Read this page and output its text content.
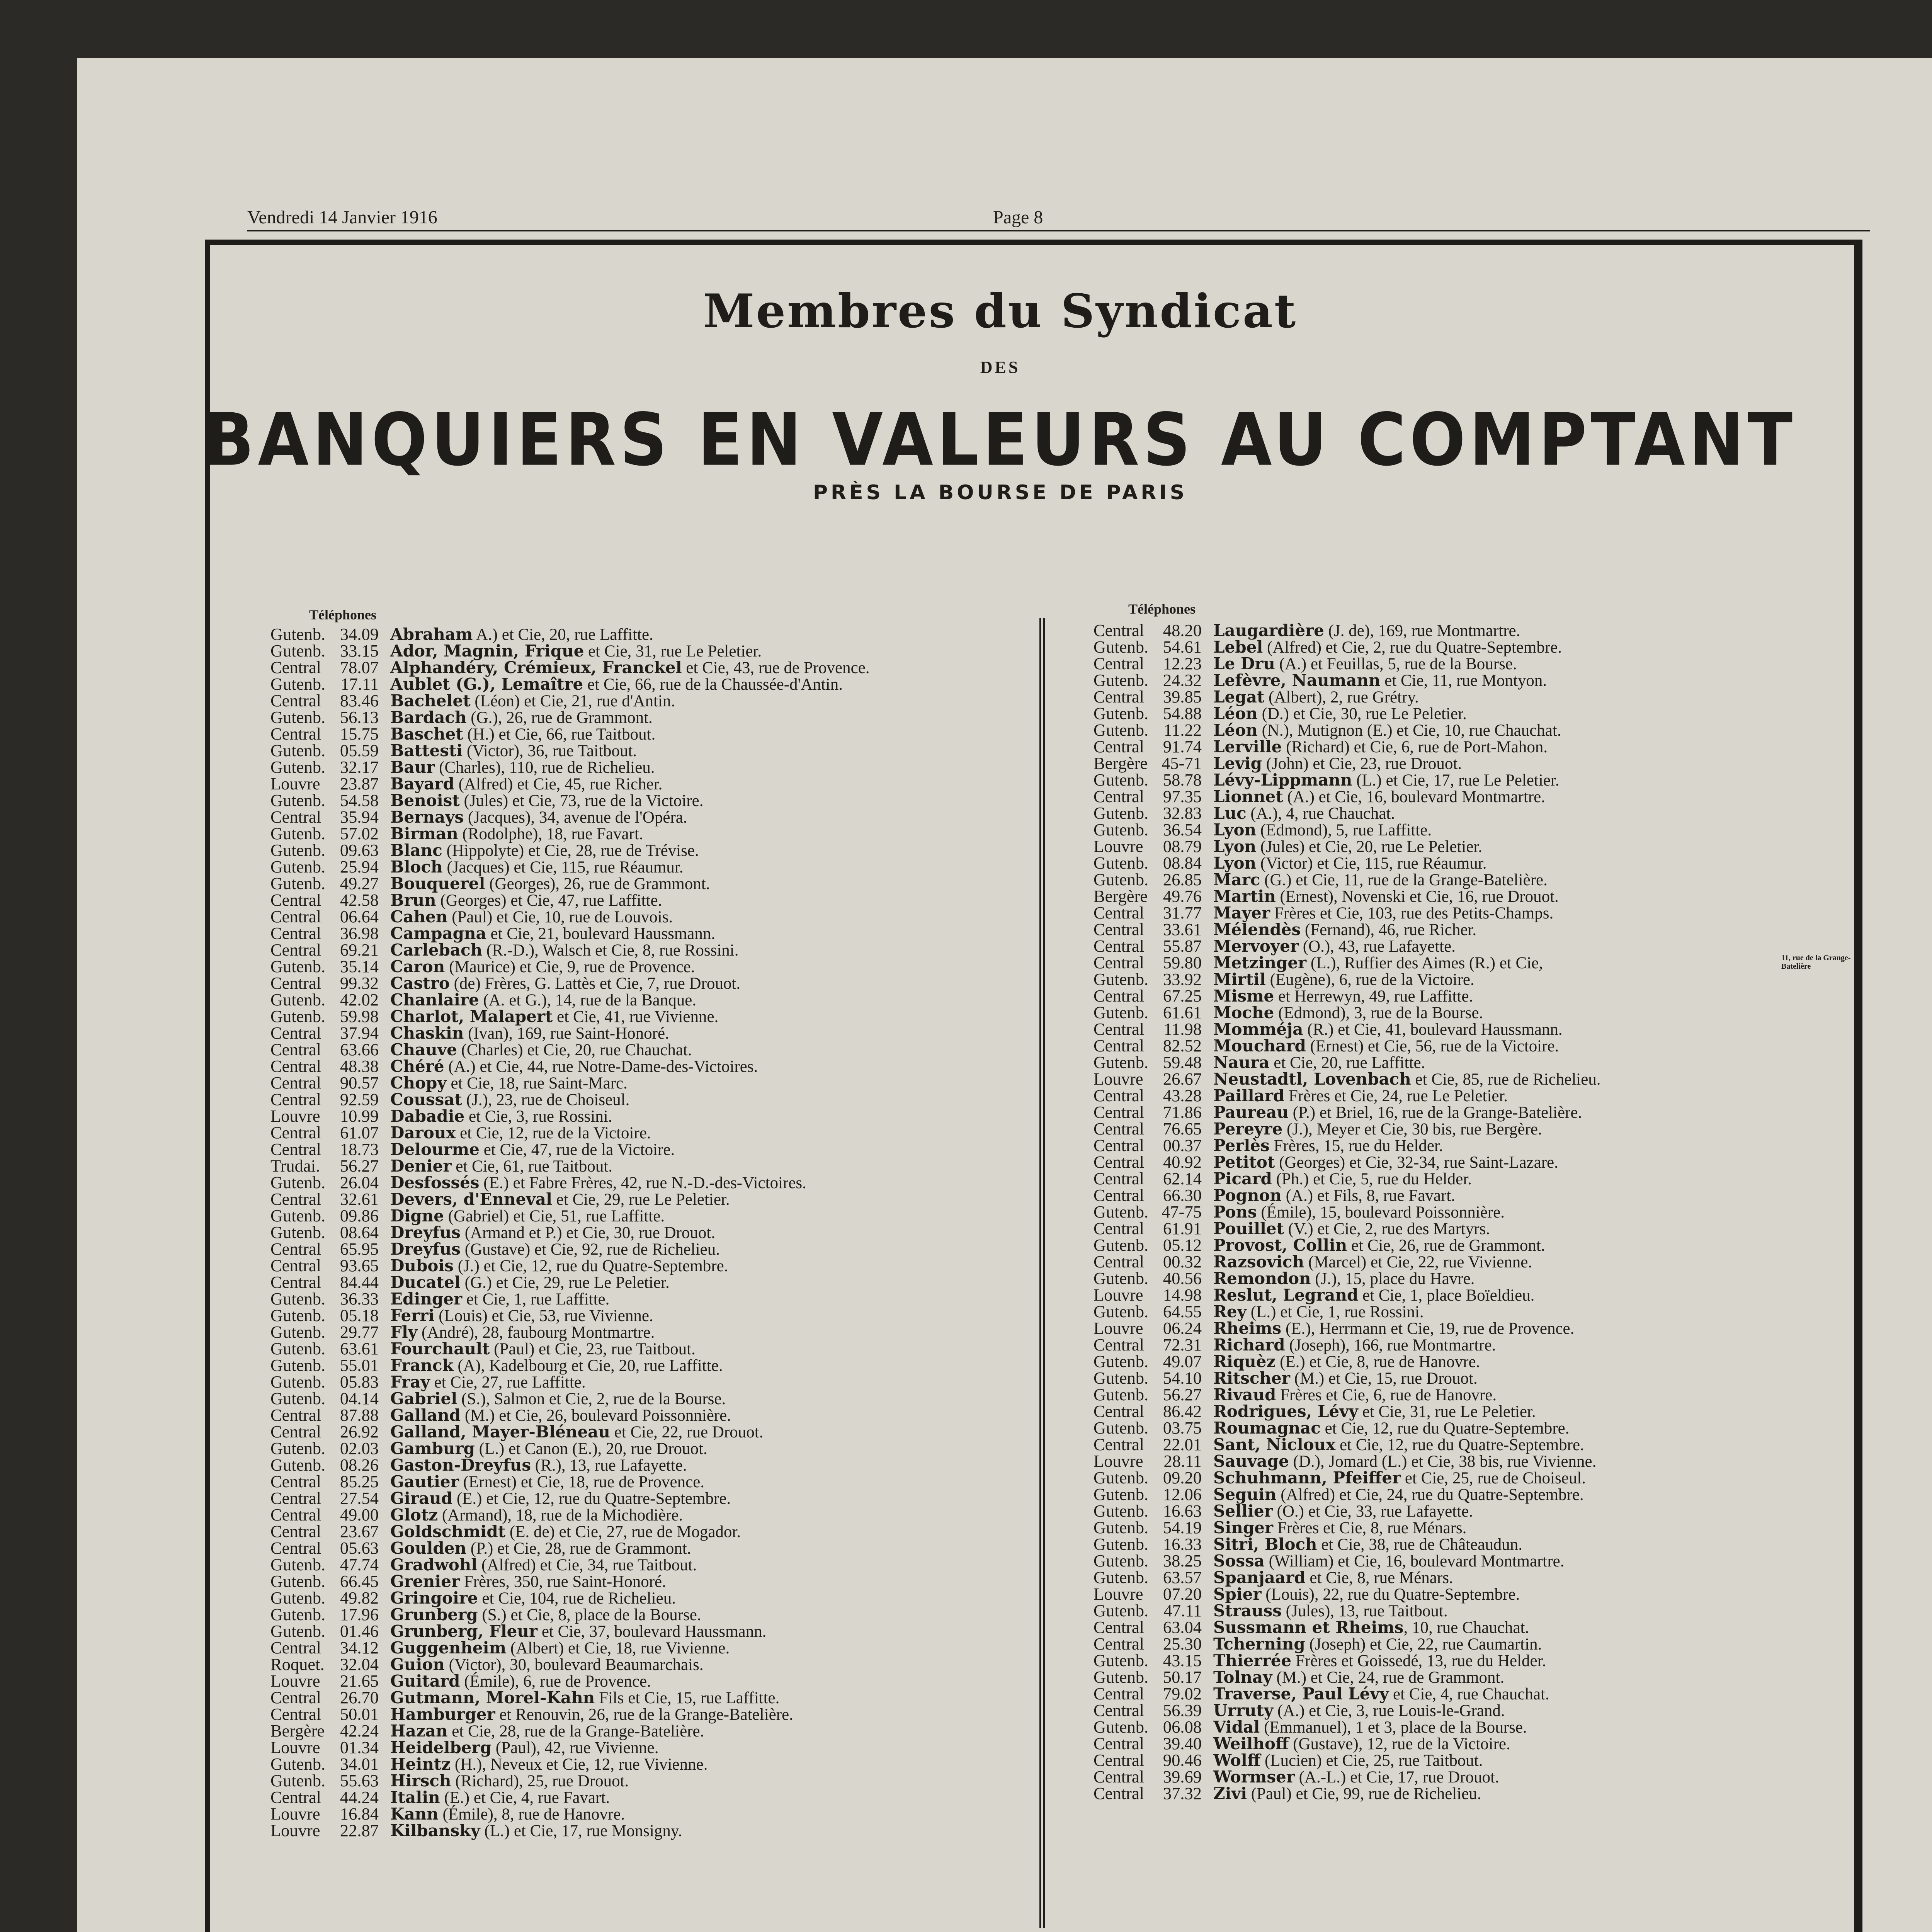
Vendredi 14 Janvier 1916	Page 8
Membres du Syndicat
DES
BANQUIERS EN VALEURS AU COMPTANT
PRÈS LA BOURSE DE PARIS
Téléphones	Téléphones
Gutenb. 34.09 Abraham A.) et Cie, 20, rue Laffitte.
Gutenb. 33.15 Ador, Magnin, Frique et Cie, 31, rue Le Peletier.
Central 78.07 Alphandéry, Crémieux, Franckel et Cie, 43, rue de Provence.
Gutenb. 17.11 Aublet (G.), Lemaître et Cie, 66, rue de la Chaussée-d'Antin.
Central 83.46 Bachelet (Léon) et Cie, 21, rue d'Antin.
Gutenb. 56.13 Bardach (G.), 26, rue de Grammont.
Central 15.75 Baschet (H.) et Cie, 66, rue Taitbout.
Gutenb. 05.59 Battesti (Victor), 36, rue Taitbout.
Gutenb. 32.17 Baur (Charles), 110, rue de Richelieu.
Louvre 23.87 Bayard (Alfred) et Cie, 45, rue Richer.
Gutenb. 54.58 Benoist (Jules) et Cie, 73, rue de la Victoire.
Central 35.94 Bernays (Jacques), 34, avenue de l'Opéra.
Gutenb. 57.02 Birman (Rodolphe), 18, rue Favart.
Gutenb. 09.63 Blanc (Hippolyte) et Cie, 28, rue de Trévise.
Gutenb. 25.94 Bloch (Jacques) et Cie, 115, rue Réaumur.
Gutenb. 49.27 Bouquerel (Georges), 26, rue de Grammont.
Central 42.58 Brun (Georges) et Cie, 47, rue Laffitte.
Central 06.64 Cahen (Paul) et Cie, 10, rue de Louvois.
Central 36.98 Campagna et Cie, 21, boulevard Haussmann.
Central 69.21 Carlebach (R.-D.), Walsch et Cie, 8, rue Rossini.
Gutenb. 35.14 Caron (Maurice) et Cie, 9, rue de Provence.
Central 99.32 Castro (de) Frères, G. Lattès et Cie, 7, rue Drouot.
Gutenb. 42.02 Chanlaire (A. et G.), 14, rue de la Banque.
Gutenb. 59.98 Charlot, Malapert et Cie, 41, rue Vivienne.
Central 37.94 Chaskin (Ivan), 169, rue Saint-Honoré.
Central 63.66 Chauve (Charles) et Cie, 20, rue Chauchat.
Central 48.38 Chéré (A.) et Cie, 44, rue Notre-Dame-des-Victoires.
Central 90.57 Chopy et Cie, 18, rue Saint-Marc.
Central 92.59 Coussat (J.), 23, rue de Choiseul.
Louvre 10.99 Dabadie et Cie, 3, rue Rossini.
Central 61.07 Daroux et Cie, 12, rue de la Victoire.
Central 18.73 Delourme et Cie, 47, rue de la Victoire.
Trudai. 56.27 Denier et Cie, 61, rue Taitbout.
Gutenb. 26.04 Desfossés (E.) et Fabre Frères, 42, rue N.-D.-des-Victoires.
Central 32.61 Devers, d'Enneval et Cie, 29, rue Le Peletier.
Gutenb. 09.86 Digne (Gabriel) et Cie, 51, rue Laffitte.
Gutenb. 08.64 Dreyfus (Armand et P.) et Cie, 30, rue Drouot.
Central 65.95 Dreyfus (Gustave) et Cie, 92, rue de Richelieu.
Central 93.65 Dubois (J.) et Cie, 12, rue du Quatre-Septembre.
Central 84.44 Ducatel (G.) et Cie, 29, rue Le Peletier.
Gutenb. 36.33 Edinger et Cie, 1, rue Laffitte.
Gutenb. 05.18 Ferri (Louis) et Cie, 53, rue Vivienne.
Gutenb. 29.77 Fly (André), 28, faubourg Montmartre.
Gutenb. 63.61 Fourchault (Paul) et Cie, 23, rue Taitbout.
Gutenb. 55.01 Franck (A), Kadelbourg et Cie, 20, rue Laffitte.
Gutenb. 05.83 Fray et Cie, 27, rue Laffitte.
Gutenb. 04.14 Gabriel (S.), Salmon et Cie, 2, rue de la Bourse.
Central 87.88 Galland (M.) et Cie, 26, boulevard Poissonnière.
Central 26.92 Galland, Mayer-Bléneau et Cie, 22, rue Drouot.
Gutenb. 02.03 Gamburg (L.) et Canon (E.), 20, rue Drouot.
Gutenb. 08.26 Gaston-Dreyfus (R.), 13, rue Lafayette.
Central 85.25 Gautier (Ernest) et Cie, 18, rue de Provence.
Central 27.54 Giraud (E.) et Cie, 12, rue du Quatre-Septembre.
Central 49.00 Glotz (Armand), 18, rue de la Michodière.
Central 23.67 Goldschmidt (E. de) et Cie, 27, rue de Mogador.
Central 05.63 Goulden (P.) et Cie, 28, rue de Grammont.
Gutenb. 47.74 Gradwohl (Alfred) et Cie, 34, rue Taitbout.
Gutenb. 66.45 Grenier Frères, 350, rue Saint-Honoré.
Gutenb. 49.82 Gringoire et Cie, 104, rue de Richelieu.
Gutenb. 17.96 Grunberg (S.) et Cie, 8, place de la Bourse.
Gutenb. 01.46 Grunberg, Fleur et Cie, 37, boulevard Haussmann.
Central 34.12 Guggenheim (Albert) et Cie, 18, rue Vivienne.
Roquet. 32.04 Guion (Victor), 30, boulevard Beaumarchais.
Louvre 21.65 Guitard (Émile), 6, rue de Provence.
Central 26.70 Gutmann, Morel-Kahn Fils et Cie, 15, rue Laffitte.
Central 50.01 Hamburger et Renouvin, 26, rue de la Grange-Batelière.
Bergère 42.24 Hazan et Cie, 28, rue de la Grange-Batelière.
Louvre 01.34 Heidelberg (Paul), 42, rue Vivienne.
Gutenb. 34.01 Heintz (H.), Neveux et Cie, 12, rue Vivienne.
Gutenb. 55.63 Hirsch (Richard), 25, rue Drouot.
Central 44.24 Italin (E.) et Cie, 4, rue Favart.
Louvre 16.84 Kann (Émile), 8, rue de Hanovre.
Louvre 22.87 Kilbansky (L.) et Cie, 17, rue Monsigny.
Central 48.20 Laugardière (J. de), 169, rue Montmartre.
Gutenb. 54.61 Lebel (Alfred) et Cie, 2, rue du Quatre-Septembre.
Central 12.23 Le Dru (A.) et Feuillas, 5, rue de la Bourse.
Gutenb. 24.32 Lefèvre, Naumann et Cie, 11, rue Montyon.
Central 39.85 Legat (Albert), 2, rue Grétry.
Gutenb. 54.88 Léon (D.) et Cie, 30, rue Le Peletier.
Gutenb. 11.22 Léon (N.), Mutignon (E.) et Cie, 10, rue Chauchat.
Central 91.74 Lerville (Richard) et Cie, 6, rue de Port-Mahon.
Bergère 45-71 Levig (John) et Cie, 23, rue Drouot.
Gutenb. 58.78 Lévy-Lippmann (L.) et Cie, 17, rue Le Peletier.
Central 97.35 Lionnet (A.) et Cie, 16, boulevard Montmartre.
Gutenb. 32.83 Luc (A.), 4, rue Chauchat.
Gutenb. 36.54 Lyon (Edmond), 5, rue Laffitte.
Louvre 08.79 Lyon (Jules) et Cie, 20, rue Le Peletier.
Gutenb. 08.84 Lyon (Victor) et Cie, 115, rue Réaumur.
Gutenb. 26.85 Marc (G.) et Cie, 11, rue de la Grange-Batelière.
Bergère 49.76 Martin (Ernest), Novenski et Cie, 16, rue Drouot.
Central 31.77 Mayer Frères et Cie, 103, rue des Petits-Champs.
Central 33.61 Mélendès (Fernand), 46, rue Richer.
Central 55.87 Mervoyer (O.), 43, rue Lafayette.
Central 59.80 Metzinger (L.), Ruffier des Aimes (R.) et Cie,	11, rue de la Grange-Batelière
Gutenb. 33.92 Mirtil (Eugène), 6, rue de la Victoire.
Central 67.25 Misme et Herrewyn, 49, rue Laffitte.
Gutenb. 61.61 Moche (Edmond), 3, rue de la Bourse.
Central 11.98 Momméja (R.) et Cie, 41, boulevard Haussmann.
Central 82.52 Mouchard (Ernest) et Cie, 56, rue de la Victoire.
Gutenb. 59.48 Naura et Cie, 20, rue Laffitte.
Louvre 26.67 Neustadtl, Lovenbach et Cie, 85, rue de Richelieu.
Central 43.28 Paillard Frères et Cie, 24, rue Le Peletier.
Central 71.86 Paureau (P.) et Briel, 16, rue de la Grange-Batelière.
Central 76.65 Pereyre (J.), Meyer et Cie, 30 bis, rue Bergère.
Central 00.37 Perlès Frères, 15, rue du Helder.
Central 40.92 Petitot (Georges) et Cie, 32-34, rue Saint-Lazare.
Central 62.14 Picard (Ph.) et Cie, 5, rue du Helder.
Central 66.30 Pognon (A.) et Fils, 8, rue Favart.
Gutenb. 47-75 Pons (Émile), 15, boulevard Poissonnière.
Central 61.91 Pouillet (V.) et Cie, 2, rue des Martyrs.
Gutenb. 05.12 Provost, Collin et Cie, 26, rue de Grammont.
Central 00.32 Razsovich (Marcel) et Cie, 22, rue Vivienne.
Gutenb. 40.56 Remondon (J.), 15, place du Havre.
Louvre 14.98 Reslut, Legrand et Cie, 1, place Boïeldieu.
Gutenb. 64.55 Rey (L.) et Cie, 1, rue Rossini.
Louvre 06.24 Rheims (E.), Herrmann et Cie, 19, rue de Provence.
Central 72.31 Richard (Joseph), 166, rue Montmartre.
Gutenb. 49.07 Riquèz (E.) et Cie, 8, rue de Hanovre.
Gutenb. 54.10 Ritscher (M.) et Cie, 15, rue Drouot.
Gutenb. 56.27 Rivaud Frères et Cie, 6, rue de Hanovre.
Central 86.42 Rodrigues, Lévy et Cie, 31, rue Le Peletier.
Gutenb. 03.75 Roumagnac et Cie, 12, rue du Quatre-Septembre.
Central 22.01 Sant, Nicloux et Cie, 12, rue du Quatre-Septembre.
Louvre 28.11 Sauvage (D.), Jomard (L.) et Cie, 38 bis, rue Vivienne.
Gutenb. 09.20 Schuhmann, Pfeiffer et Cie, 25, rue de Choiseul.
Gutenb. 12.06 Seguin (Alfred) et Cie, 24, rue du Quatre-Septembre.
Gutenb. 16.63 Sellier (O.) et Cie, 33, rue Lafayette.
Gutenb. 54.19 Singer Frères et Cie, 8, rue Ménars.
Gutenb. 16.33 Sitri, Bloch et Cie, 38, rue de Châteaudun.
Gutenb. 38.25 Sossa (William) et Cie, 16, boulevard Montmartre.
Gutenb. 63.57 Spanjaard et Cie, 8, rue Ménars.
Louvre 07.20 Spier (Louis), 22, rue du Quatre-Septembre.
Gutenb. 47.11 Strauss (Jules), 13, rue Taitbout.
Central 63.04 Sussmann et Rheims, 10, rue Chauchat.
Central 25.30 Tcherning (Joseph) et Cie, 22, rue Caumartin.
Gutenb. 43.15 Thierrée Frères et Goissedé, 13, rue du Helder.
Gutenb. 50.17 Tolnay (M.) et Cie, 24, rue de Grammont.
Central 79.02 Traverse, Paul Lévy et Cie, 4, rue Chauchat.
Central 56.39 Urruty (A.) et Cie, 3, rue Louis-le-Grand.
Gutenb. 06.08 Vidal (Emmanuel), 1 et 3, place de la Bourse.
Central 39.40 Weilhoff (Gustave), 12, rue de la Victoire.
Central 90.46 Wolff (Lucien) et Cie, 25, rue Taitbout.
Central 39.69 Wormser (A.-L.) et Cie, 17, rue Drouot.
Central 37.32 Zivi (Paul) et Cie, 99, rue de Richelieu.
